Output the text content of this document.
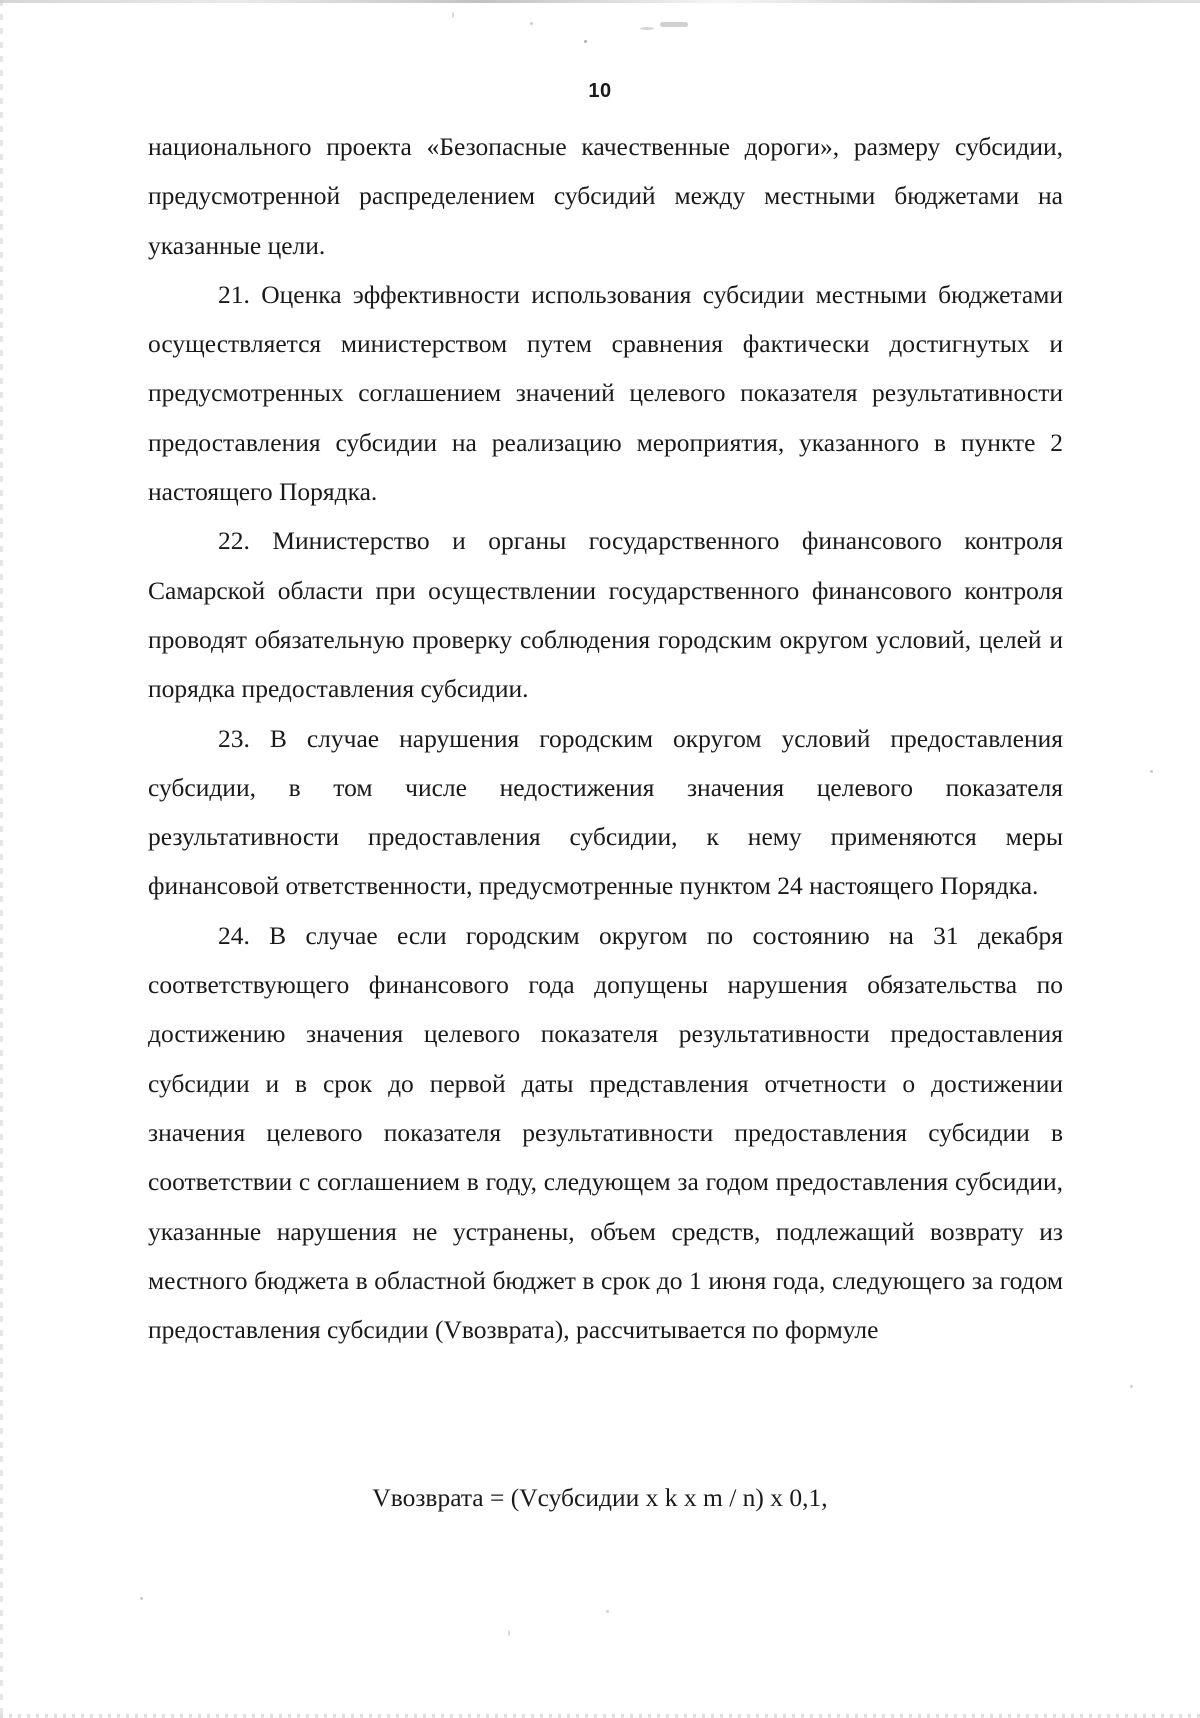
10

национального проекта «Безопасные качественные дороги», размеру субсидии, предусмотренной распределением субсидий между местными бюджетами на указанные цели.

21. Оценка эффективности использования субсидии местными бюджетами осуществляется министерством путем сравнения фактически достигнутых и предусмотренных соглашением значений целевого показателя результативности предоставления субсидии на реализацию мероприятия, указанного в пункте 2 настоящего Порядка.

22. Министерство и органы государственного финансового контроля Самарской области при осуществлении государственного финансового контроля проводят обязательную проверку соблюдения городским округом условий, целей и порядка предоставления субсидии.

23. В случае нарушения городским округом условий предоставления субсидии, в том числе недостижения значения целевого показателя результативности предоставления субсидии, к нему применяются меры финансовой ответственности, предусмотренные пунктом 24 настоящего Порядка.

24. В случае если городским округом по состоянию на 31 декабря соответствующего финансового года допущены нарушения обязательства по достижению значения целевого показателя результативности предоставления субсидии и в срок до первой даты представления отчетности о достижении значения целевого показателя результативности предоставления субсидии в соответствии с соглашением в году, следующем за годом предоставления субсидии, указанные нарушения не устранены, объем средств, подлежащий возврату из местного бюджета в областной бюджет в срок до 1 июня года, следующего за годом предоставления субсидии (Vвозврата), рассчитывается по формуле

Vвозврата = (Vсубсидии x k x m / n) x 0,1,
